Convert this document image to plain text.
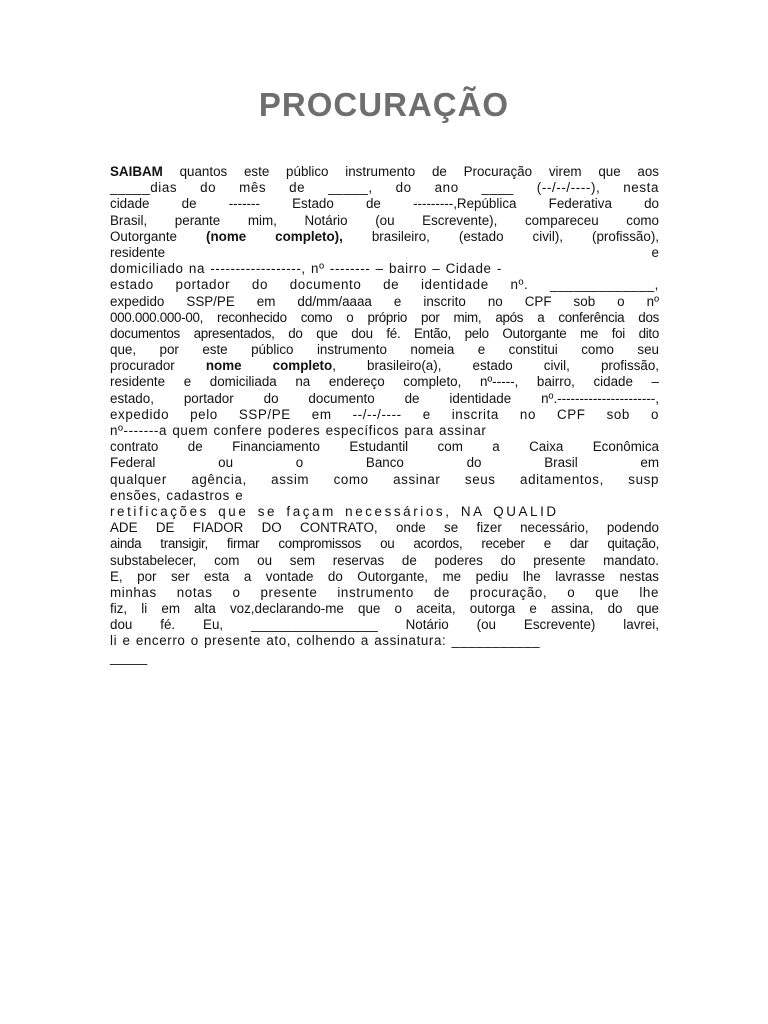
PROCURAÇÃO
SAIBAM quantos este público instrumento de Procuração virem que aos
_____dias do mês de _____, do ano ____ (--/--/----), nesta
cidade de ------- Estado de ---------,República Federativa do
Brasil, perante mim, Notário (ou Escrevente), compareceu como
Outorgante (nome completo), brasileiro, (estado civil), (profissão),
residente e
domiciliado na ------------------, nº -------- – bairro – Cidade -
estado portador do documento de identidade nº. _____________,
expedido SSP/PE em dd/mm/aaaa e inscrito no CPF sob o nº
000.000.000-00, reconhecido como o próprio por mim, após a conferência dos
documentos apresentados, do que dou fé. Então, pelo Outorgante me foi dito
que, por este público instrumento nomeia e constitui como seu
procurador nome completo, brasileiro(a), estado civil, profissão,
residente e domiciliada na endereço completo, nº-----, bairro, cidade –
estado, portador do documento de identidade nº.----------------------,
expedido pelo SSP/PE em --/--/---- e inscrita no CPF sob o
nº-------a quem confere poderes específicos para assinar
contrato de Financiamento Estudantil com a Caixa Econômica
Federal ou o Banco do Brasil em
qualquer agência, assim como assinar seus aditamentos, susp
ensões, cadastros e
retificações que se façam necessários, NA QUALID
ADE DE FIADOR DO CONTRATO, onde se fizer necessário, podendo
ainda transigir, firmar compromissos ou acordos, receber e dar quitação,
substabelecer, com ou sem reservas de poderes do presente mandato.
E, por ser esta a vontade do Outorgante, me pediu lhe lavrasse nestas
minhas notas o presente instrumento de procuração, o que lhe
fiz, li em alta voz,declarando-me que o aceita, outorga e assina, do que
dou fé. Eu, _________________ Notário (ou Escrevente) lavrei,
li e encerro o presente ato, colhendo a assinatura: ___________
_____
